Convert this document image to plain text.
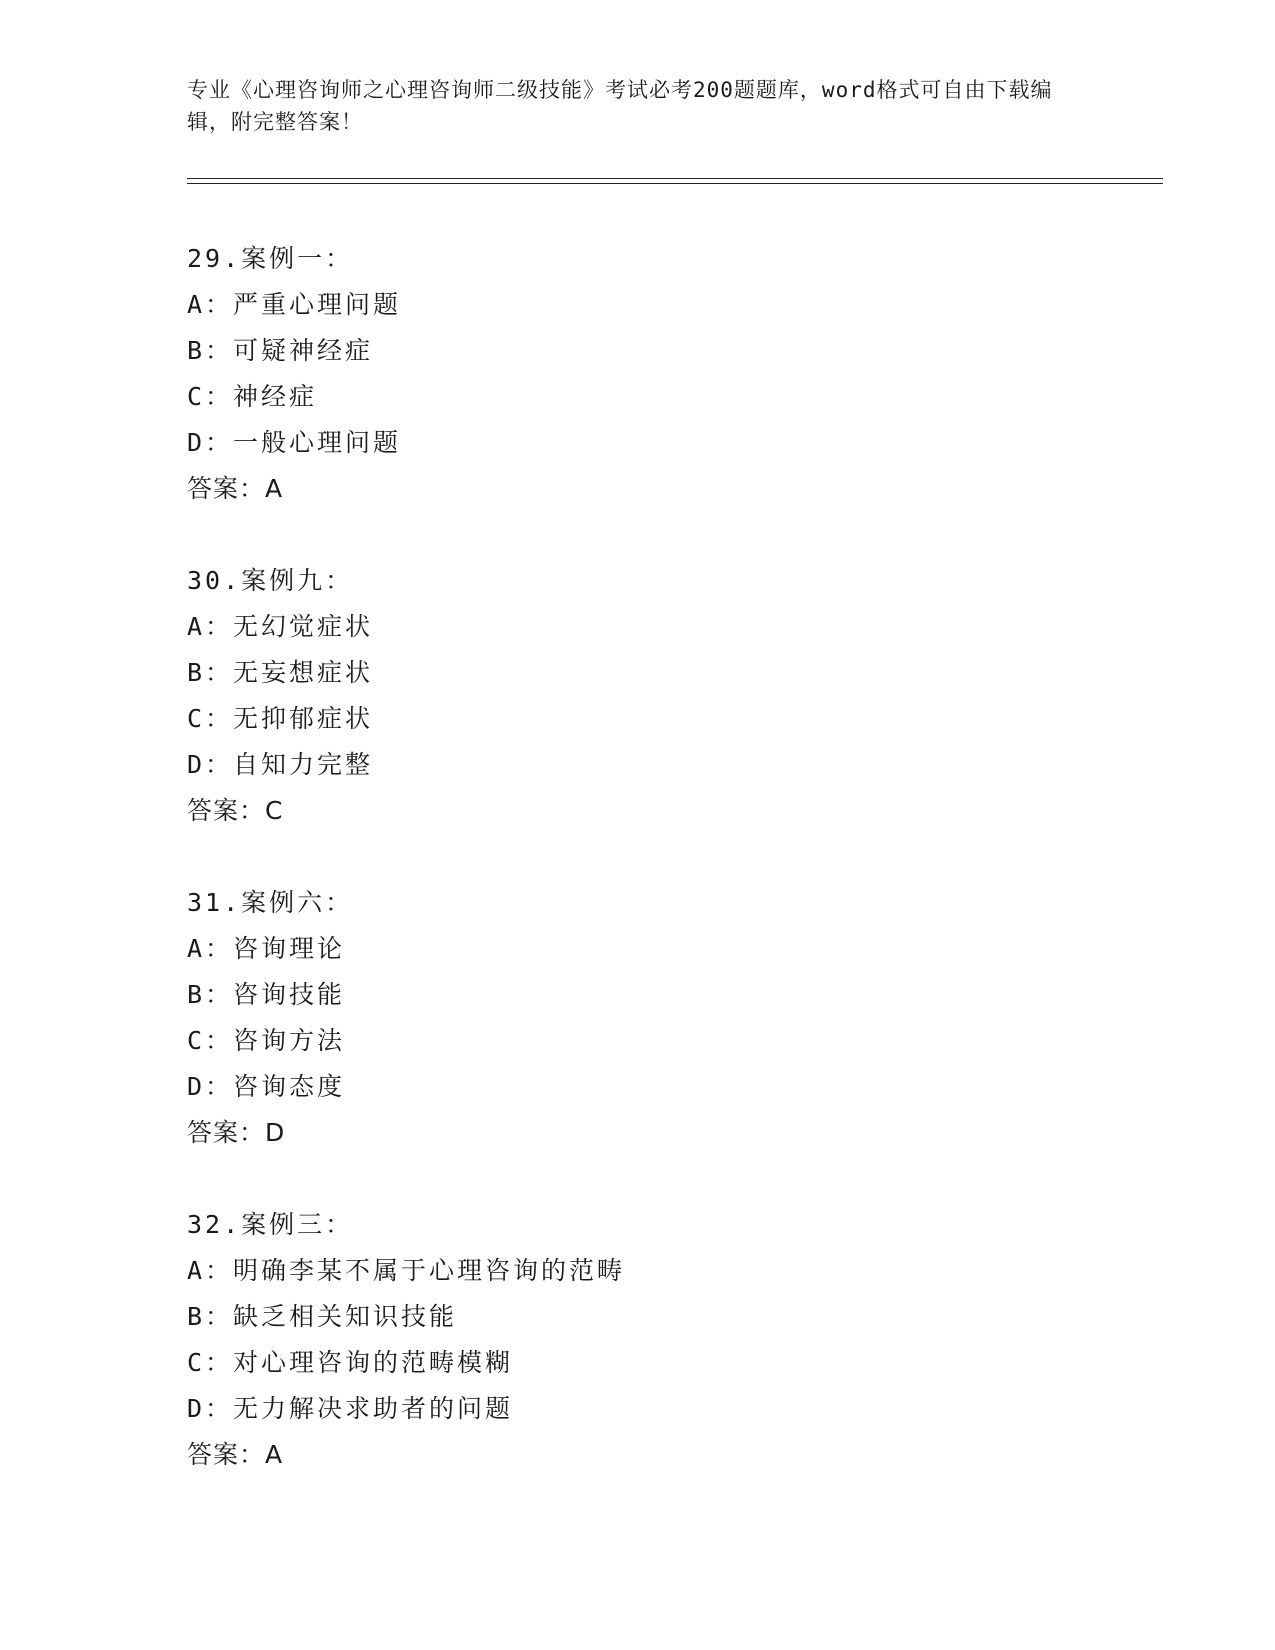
专业《心理咨询师之心理咨询师二级技能》考试必考200题题库，word格式可自由下载编辑，附完整答案！
29.案例一：
A：严重心理问题
B：可疑神经症
C：神经症
D：一般心理问题
答案：A
30.案例九：
A：无幻觉症状
B：无妄想症状
C：无抑郁症状
D：自知力完整
答案：C
31.案例六：
A：咨询理论
B：咨询技能
C：咨询方法
D：咨询态度
答案：D
32.案例三：
A：明确李某不属于心理咨询的范畴
B：缺乏相关知识技能
C：对心理咨询的范畴模糊
D：无力解决求助者的问题
答案：A
